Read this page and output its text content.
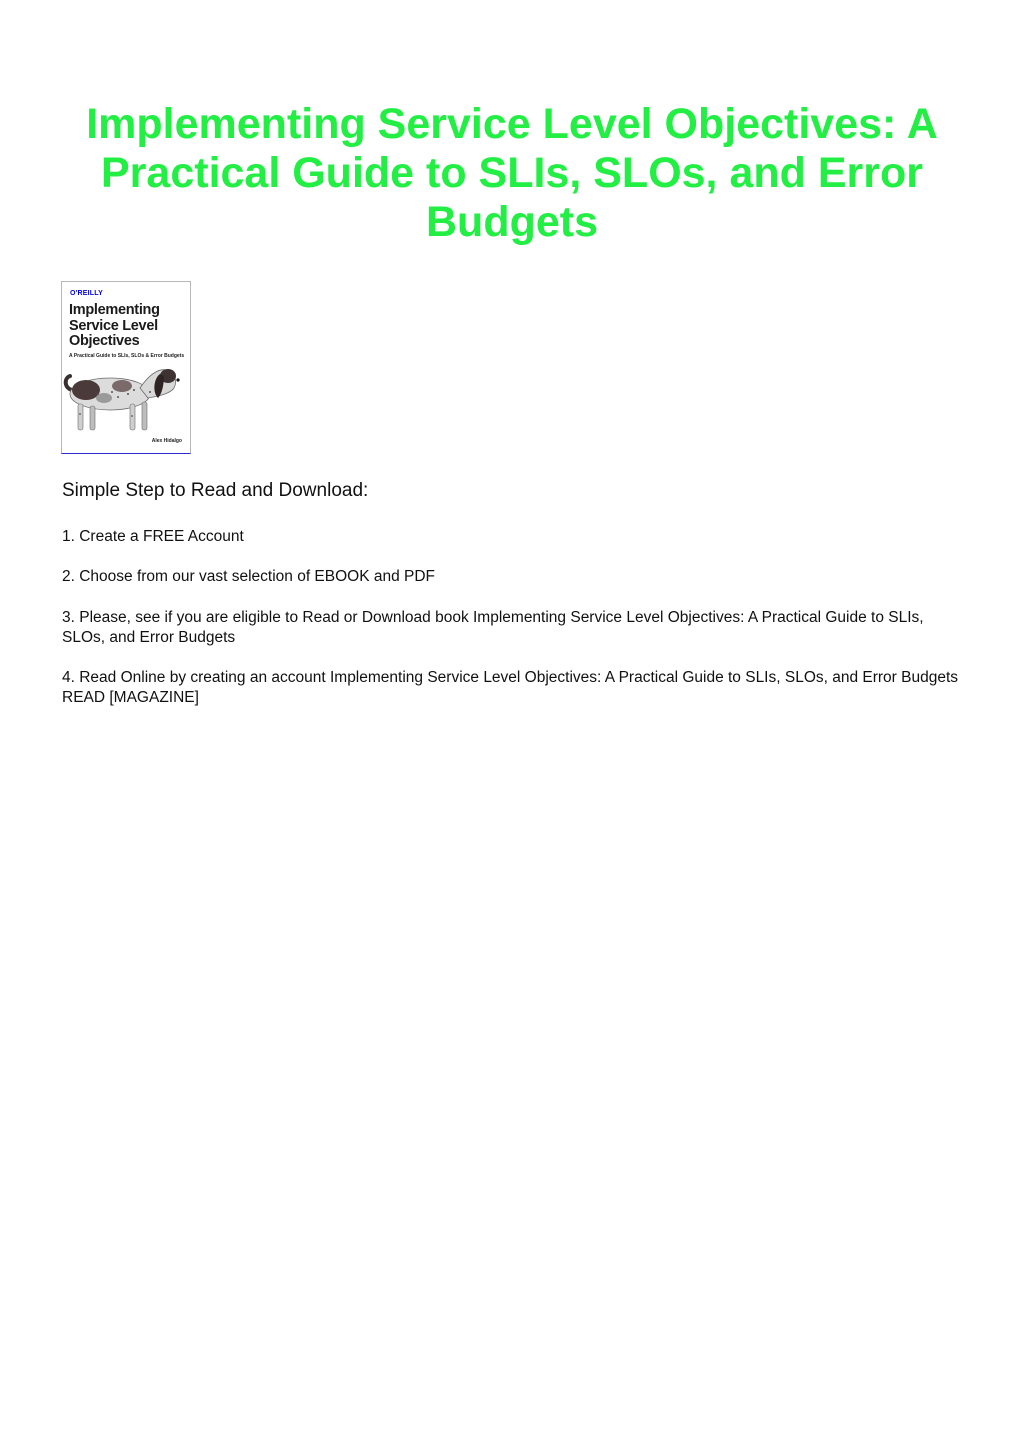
Implementing Service Level Objectives: A Practical Guide to SLIs, SLOs, and Error Budgets
O'REILLY
Implementing Service Level Objectives
A Practical Guide to SLIs, SLOs & Error Budgets
Alex Hidalgo
Simple Step to Read and Download:

1. Create a FREE Account

2. Choose from our vast selection of EBOOK and PDF

3. Please, see if you are eligible to Read or Download book Implementing Service Level Objectives: A Practical Guide to SLIs, SLOs, and Error Budgets

4. Read Online by creating an account Implementing Service Level Objectives: A Practical Guide to SLIs, SLOs, and Error Budgets READ [MAGAZINE]
